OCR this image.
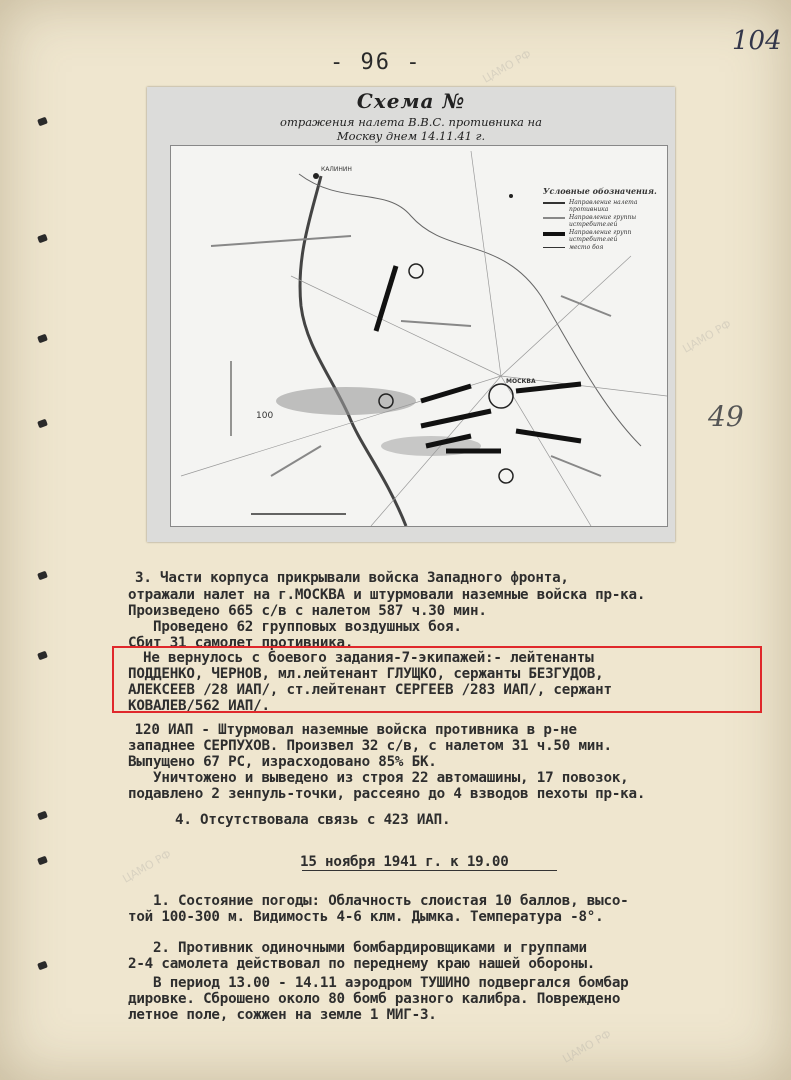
ЦАМО РФ
ЦАМО РФ
ЦАМО РФ
ЦАМО РФ
- 96 -
104
49
Схема №
отражения налета В.В.С. противника на
Москву днем 14.11.41 г.
КАЛИНИН
МОСКВА
100
Условные обозначения.
Направление налета противника
Направление группы истребителей
Направление групп истребителей
место боя
3. Части корпуса прикрывали войска Западного фронта,
отражали налет на г.МОСКВА и штурмовали наземные войска пр-ка.
Произведено 665 с/в с налетом 587 ч.30 мин.
Проведено 62 групповых воздушных боя.
Сбит 31 самолет противника.
Не вернулось с боевого задания-7-экипажей:- лейтенанты
ПОДДЕНКО, ЧЕРНОВ, мл.лейтенант ГЛУЩКО, сержанты БЕЗГУДОВ,
АЛЕКСЕЕВ /28 ИАП/, ст.лейтенант СЕРГЕЕВ /283 ИАП/, сержант
КОВАЛЕВ/562 ИАП/.
120 ИАП - Штурмовал наземные войска противника в р-не
западнее СЕРПУХОВ. Произвел 32 с/в, с налетом 31 ч.50 мин.
Выпущено 67 РС, израсходовано 85% БК.
Уничтожено и выведено из строя 22 автомашины, 17 повозок,
подавлено 2 зенпуль-точки, рассеяно до 4 взводов пехоты пр-ка.
4. Отсутствовала связь с 423 ИАП.
15 ноября 1941 г. к 19.00
1. Состояние погоды: Облачность слоистая 10 баллов, высо-
той 100-300 м. Видимость 4-6 клм. Дымка. Температура -8°.
2. Противник одиночными бомбардировщиками и группами
2-4 самолета действовал по переднему краю нашей обороны.
В период 13.00 - 14.11 аэродром ТУШИНО подвергался бомбар
дировке. Сброшено около 80 бомб разного калибра. Повреждено
летное поле, сожжен на земле 1 МИГ-3.
